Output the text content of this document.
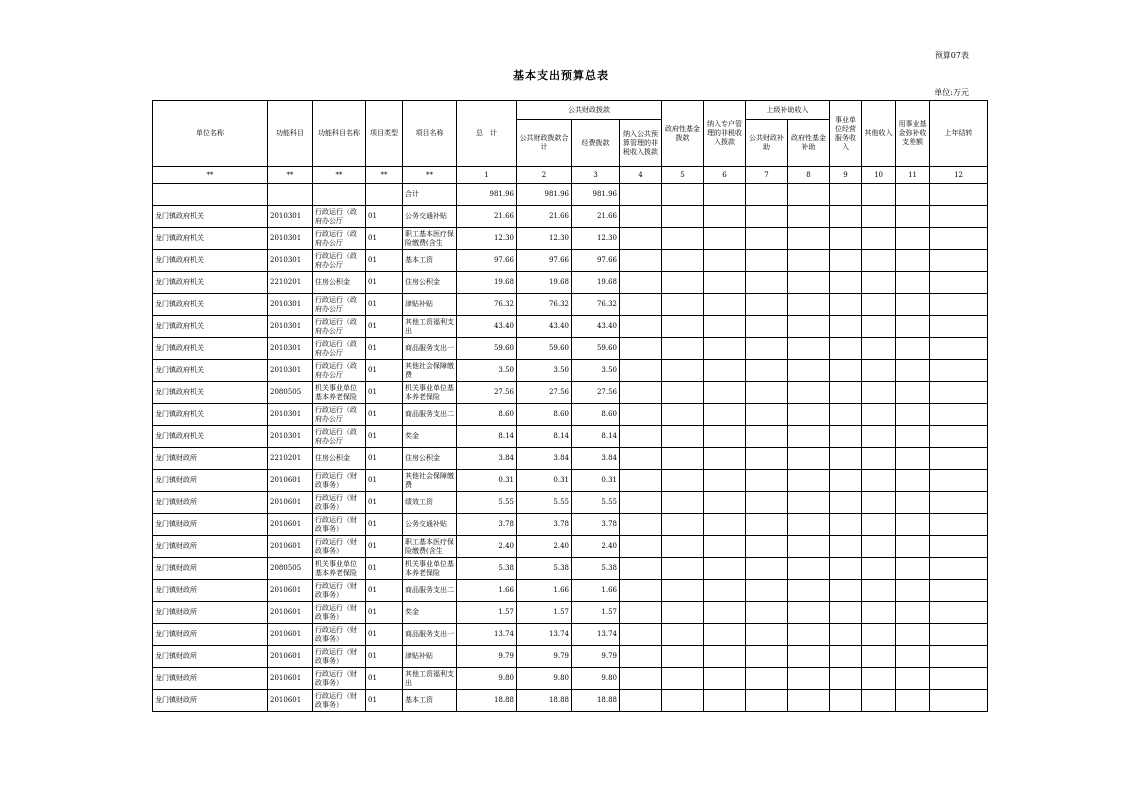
预算07表
基本支出预算总表
单位:万元
单位名称	功能科目	功能科目名称	项目类型	项目名称	总　计	公共财政拨款			政府性基金拨款	纳入专户管理的非税收入拨款	上级补助收入		事业单位经营服务收入	其他收入	用事业基金弥补收支差额	上年结转
						公共财政拨款合计	经费拨款	纳入公共预算管理的非税收入拨款			公共财政补助	政府性基金补助				
**	**	**	**	**	1	2	3	4	5	6	7	8	9	10	11	12
				合计	981.96	981.96	981.96									
龙门镇政府机关	2010301	行政运行（政府办公厅	01	公务交通补贴	21.66	21.66	21.66									
龙门镇政府机关	2010301	行政运行（政府办公厅	01	职工基本医疗保险缴费(含生	12.30	12.30	12.30									
龙门镇政府机关	2010301	行政运行（政府办公厅	01	基本工资	97.66	97.66	97.66									
龙门镇政府机关	2210201	住房公积金	01	住房公积金	19.68	19.68	19.68									
龙门镇政府机关	2010301	行政运行（政府办公厅	01	津贴补贴	76.32	76.32	76.32									
龙门镇政府机关	2010301	行政运行（政府办公厅	01	其他工资福利支出	43.40	43.40	43.40									
龙门镇政府机关	2010301	行政运行（政府办公厅	01	商品服务支出一	59.60	59.60	59.60									
龙门镇政府机关	2010301	行政运行（政府办公厅	01	其他社会保障缴费	3.50	3.50	3.50									
龙门镇政府机关	2080505	机关事业单位基本养老保险	01	机关事业单位基本养老保险	27.56	27.56	27.56									
龙门镇政府机关	2010301	行政运行（政府办公厅	01	商品服务支出二	8.60	8.60	8.60									
龙门镇政府机关	2010301	行政运行（政府办公厅	01	奖金	8.14	8.14	8.14									
龙门镇财政所	2210201	住房公积金	01	住房公积金	3.84	3.84	3.84									
龙门镇财政所	2010601	行政运行（财政事务）	01	其他社会保障缴费	0.31	0.31	0.31									
龙门镇财政所	2010601	行政运行（财政事务）	01	绩效工资	5.55	5.55	5.55									
龙门镇财政所	2010601	行政运行（财政事务）	01	公务交通补贴	3.78	3.78	3.78									
龙门镇财政所	2010601	行政运行（财政事务）	01	职工基本医疗保险缴费(含生	2.40	2.40	2.40									
龙门镇财政所	2080505	机关事业单位基本养老保险	01	机关事业单位基本养老保险	5.38	5.38	5.38									
龙门镇财政所	2010601	行政运行（财政事务）	01	商品服务支出二	1.66	1.66	1.66									
龙门镇财政所	2010601	行政运行（财政事务）	01	奖金	1.57	1.57	1.57									
龙门镇财政所	2010601	行政运行（财政事务）	01	商品服务支出一	13.74	13.74	13.74									
龙门镇财政所	2010601	行政运行（财政事务）	01	津贴补贴	9.79	9.79	9.79									
龙门镇财政所	2010601	行政运行（财政事务）	01	其他工资福利支出	9.80	9.80	9.80									
龙门镇财政所	2010601	行政运行（财政事务）	01	基本工资	18.88	18.88	18.88									
